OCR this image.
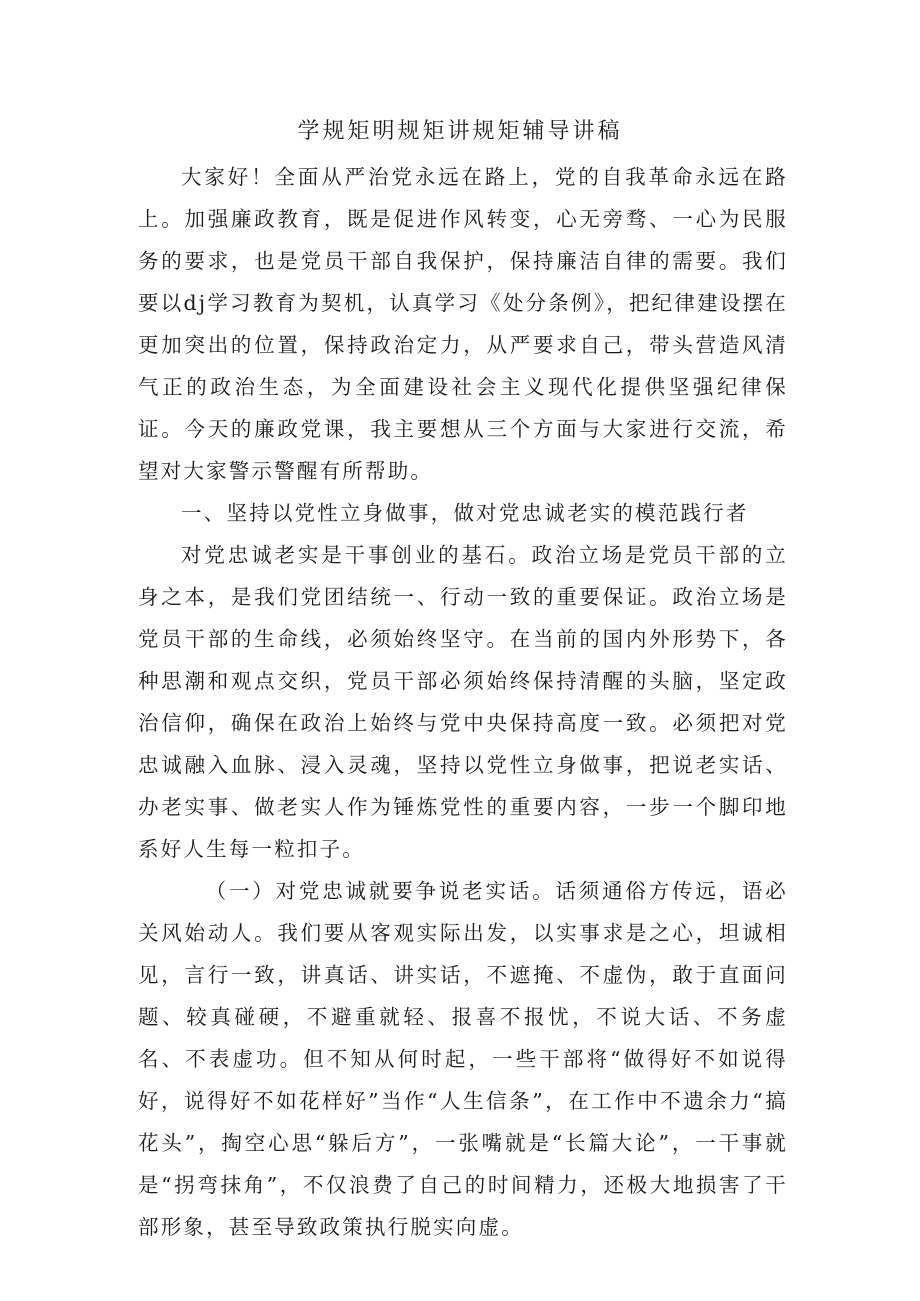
学规矩明规矩讲规矩辅导讲稿

大家好！全面从严治党永远在路上，党的自我革命永远在路上。加强廉政教育，既是促进作风转变，心无旁骛、一心为民服务的要求，也是党员干部自我保护，保持廉洁自律的需要。我们要以dj学习教育为契机，认真学习《处分条例》，把纪律建设摆在更加突出的位置，保持政治定力，从严要求自己，带头营造风清气正的政治生态，为全面建设社会主义现代化提供坚强纪律保证。今天的廉政党课，我主要想从三个方面与大家进行交流，希望对大家警示警醒有所帮助。

一、坚持以党性立身做事，做对党忠诚老实的模范践行者

对党忠诚老实是干事创业的基石。政治立场是党员干部的立身之本，是我们党团结统一、行动一致的重要保证。政治立场是党员干部的生命线，必须始终坚守。在当前的国内外形势下，各种思潮和观点交织，党员干部必须始终保持清醒的头脑，坚定政治信仰，确保在政治上始终与党中央保持高度一致。必须把对党忠诚融入血脉、浸入灵魂，坚持以党性立身做事，把说老实话、办老实事、做老实人作为锤炼党性的重要内容，一步一个脚印地系好人生每一粒扣子。

（一）对党忠诚就要争说老实话。话须通俗方传远，语必关风始动人。我们要从客观实际出发，以实事求是之心，坦诚相见，言行一致，讲真话、讲实话，不遮掩、不虚伪，敢于直面问题、较真碰硬，不避重就轻、报喜不报忧，不说大话、不务虚名、不表虚功。但不知从何时起，一些干部将“做得好不如说得好，说得好不如花样好”当作“人生信条”，在工作中不遗余力“搞花头”，掏空心思“躲后方”，一张嘴就是“长篇大论”，一干事就是“拐弯抹角”，不仅浪费了自己的时间精力，还极大地损害了干部形象，甚至导致政策执行脱实向虚。
